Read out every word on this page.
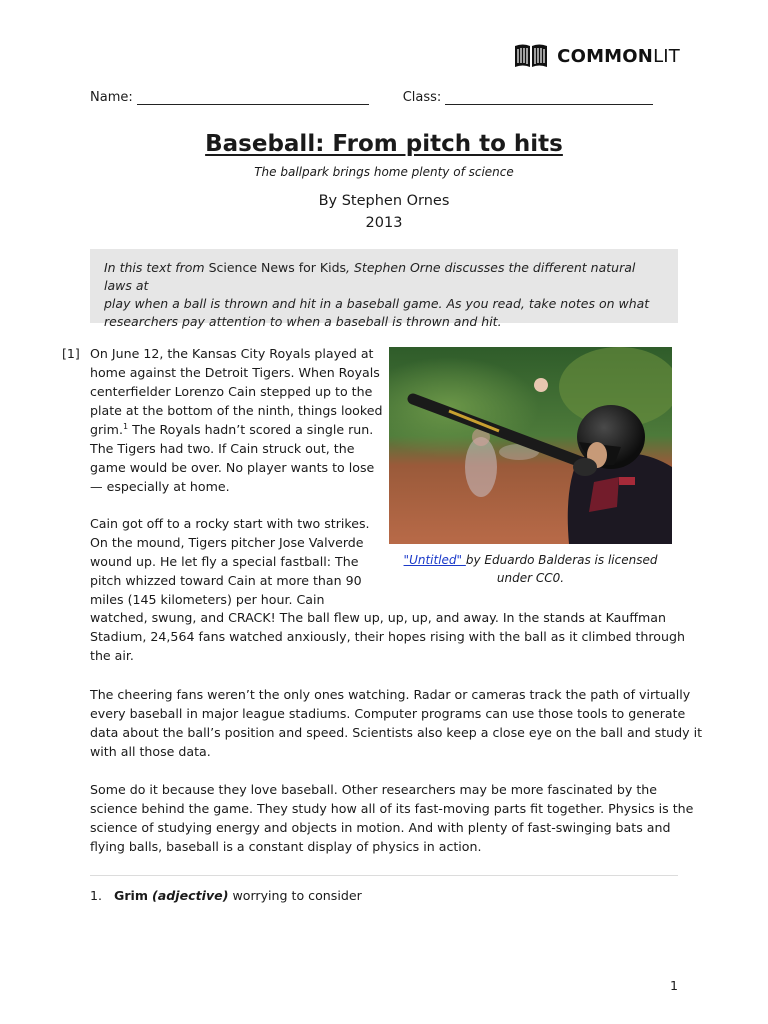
COMMONLIT
Name:	Class:
Baseball: From pitch to hits
The ballpark brings home plenty of science
By Stephen Ornes
2013
In this text from Science News for Kids, Stephen Orne discusses the different natural laws at
play when a ball is thrown and hit in a baseball game. As you read, take notes on what
researchers pay attention to when a baseball is thrown and hit.
[1] On June 12, the Kansas City Royals played at
home against the Detroit Tigers. When Royals
centerfielder Lorenzo Cain stepped up to the
plate at the bottom of the ninth, things looked
grim.$^1$ The Royals hadn’t scored a single run.
The Tigers had two. If Cain struck out, the
game would be over. No player wants to lose
— especially at home.
Cain got off to a rocky start with two strikes.
On the mound, Tigers pitcher Jose Valverde
wound up. He let fly a special fastball: The
pitch whizzed toward Cain at more than 90
miles (145 kilometers) per hour. Cain
watched, swung, and CRACK! The ball flew up, up, up, and away. In the stands at Kauffman
Stadium, 24,564 fans watched anxiously, their hopes rising with the ball as it climbed through
the air.
The cheering fans weren’t the only ones watching. Radar or cameras track the path of virtually
every baseball in major league stadiums. Computer programs can use those tools to generate
data about the ball’s position and speed. Scientists also keep a close eye on the ball and study it
with all those data.
Some do it because they love baseball. Other researchers may be more fascinated by the
science behind the game. They study how all of its fast-moving parts fit together. Physics is the
science of studying energy and objects in motion. And with plenty of fast-swinging bats and
flying balls, baseball is a constant display of physics in action.
"Untitled" by Eduardo Balderas is licensed
under CC0.
1. Grim (adjective) worrying to consider
1
